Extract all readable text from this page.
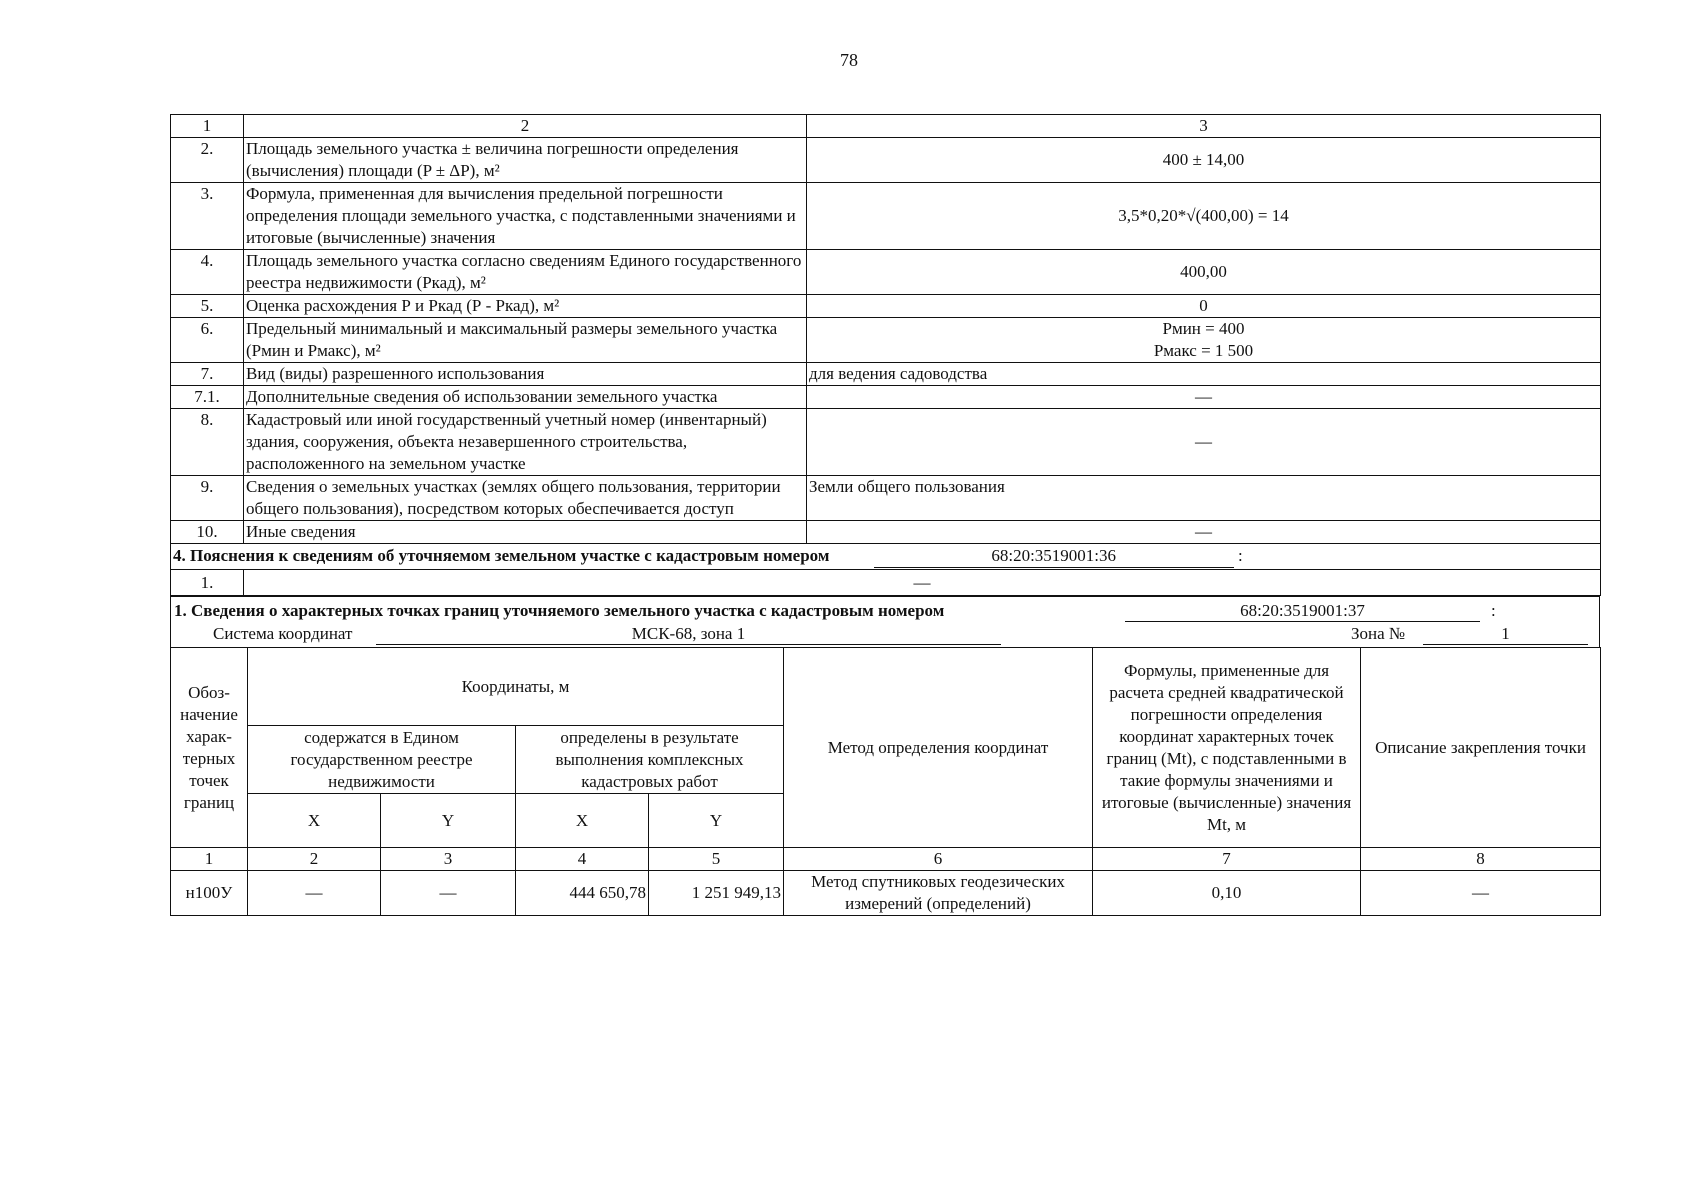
78
1	2	3
2.	Площадь земельного участка ± величина погрешности определения (вычисления) площади (P ± ΔP), м²	400 ± 14,00
3.	Формула, примененная для вычисления предельной погрешности определения площади земельного участка, с подставленными значениями и итоговые (вычисленные) значения	3,5*0,20*√(400,00) = 14
4.	Площадь земельного участка согласно сведениям Единого государственного реестра недвижимости (Ркад), м²	400,00
5.	Оценка расхождения Р и Ркад (Р - Ркад), м²	0
6.	Предельный минимальный и максимальный размеры земельного участка (Рмин и Рмакс), м²	Рмин = 400
Рмакс = 1 500

7.	Вид (виды) разрешенного использования	для ведения садоводства
7.1.	Дополнительные сведения об использовании земельного участка	—
8.	Кадастровый или иной государственный учетный номер (инвентарный) здания, сооружения, объекта незавершенного строительства, расположенного на земельном участке	—
9.	Сведения о земельных участках (землях общего пользования, территории общего пользования), посредством которых обеспечивается доступ	Земли общего пользования
10.	Иные сведения	—
4. Пояснения к сведениям об уточняемом земельном участке с кадастровым номером	68:20:3519001:36	:
1.	—
1. Сведения о характерных точках границ уточняемого земельного участка с кадастровым номером	68:20:3519001:37	:
Система координат	МСК-68, зона 1	Зона №	1
Обоз-начение харак-терных точек границ	Координаты, м				Метод определения координат	Формулы, примененные для расчета средней квадратической погрешности определения координат характерных точек границ (Mt), с подставленными в такие формулы значениями и итоговые (вычисленные) значения Mt, м	Описание закрепления точки
	содержатся в Едином государственном реестре недвижимости		определены в результате выполнения комплексных кадастровых работ				
	X	Y	X	Y			
1	2	3	4	5	6	7	8
н100У	—	—	444 650,78	1 251 949,13	Метод спутниковых геодезических измерений (определений)	0,10	—
